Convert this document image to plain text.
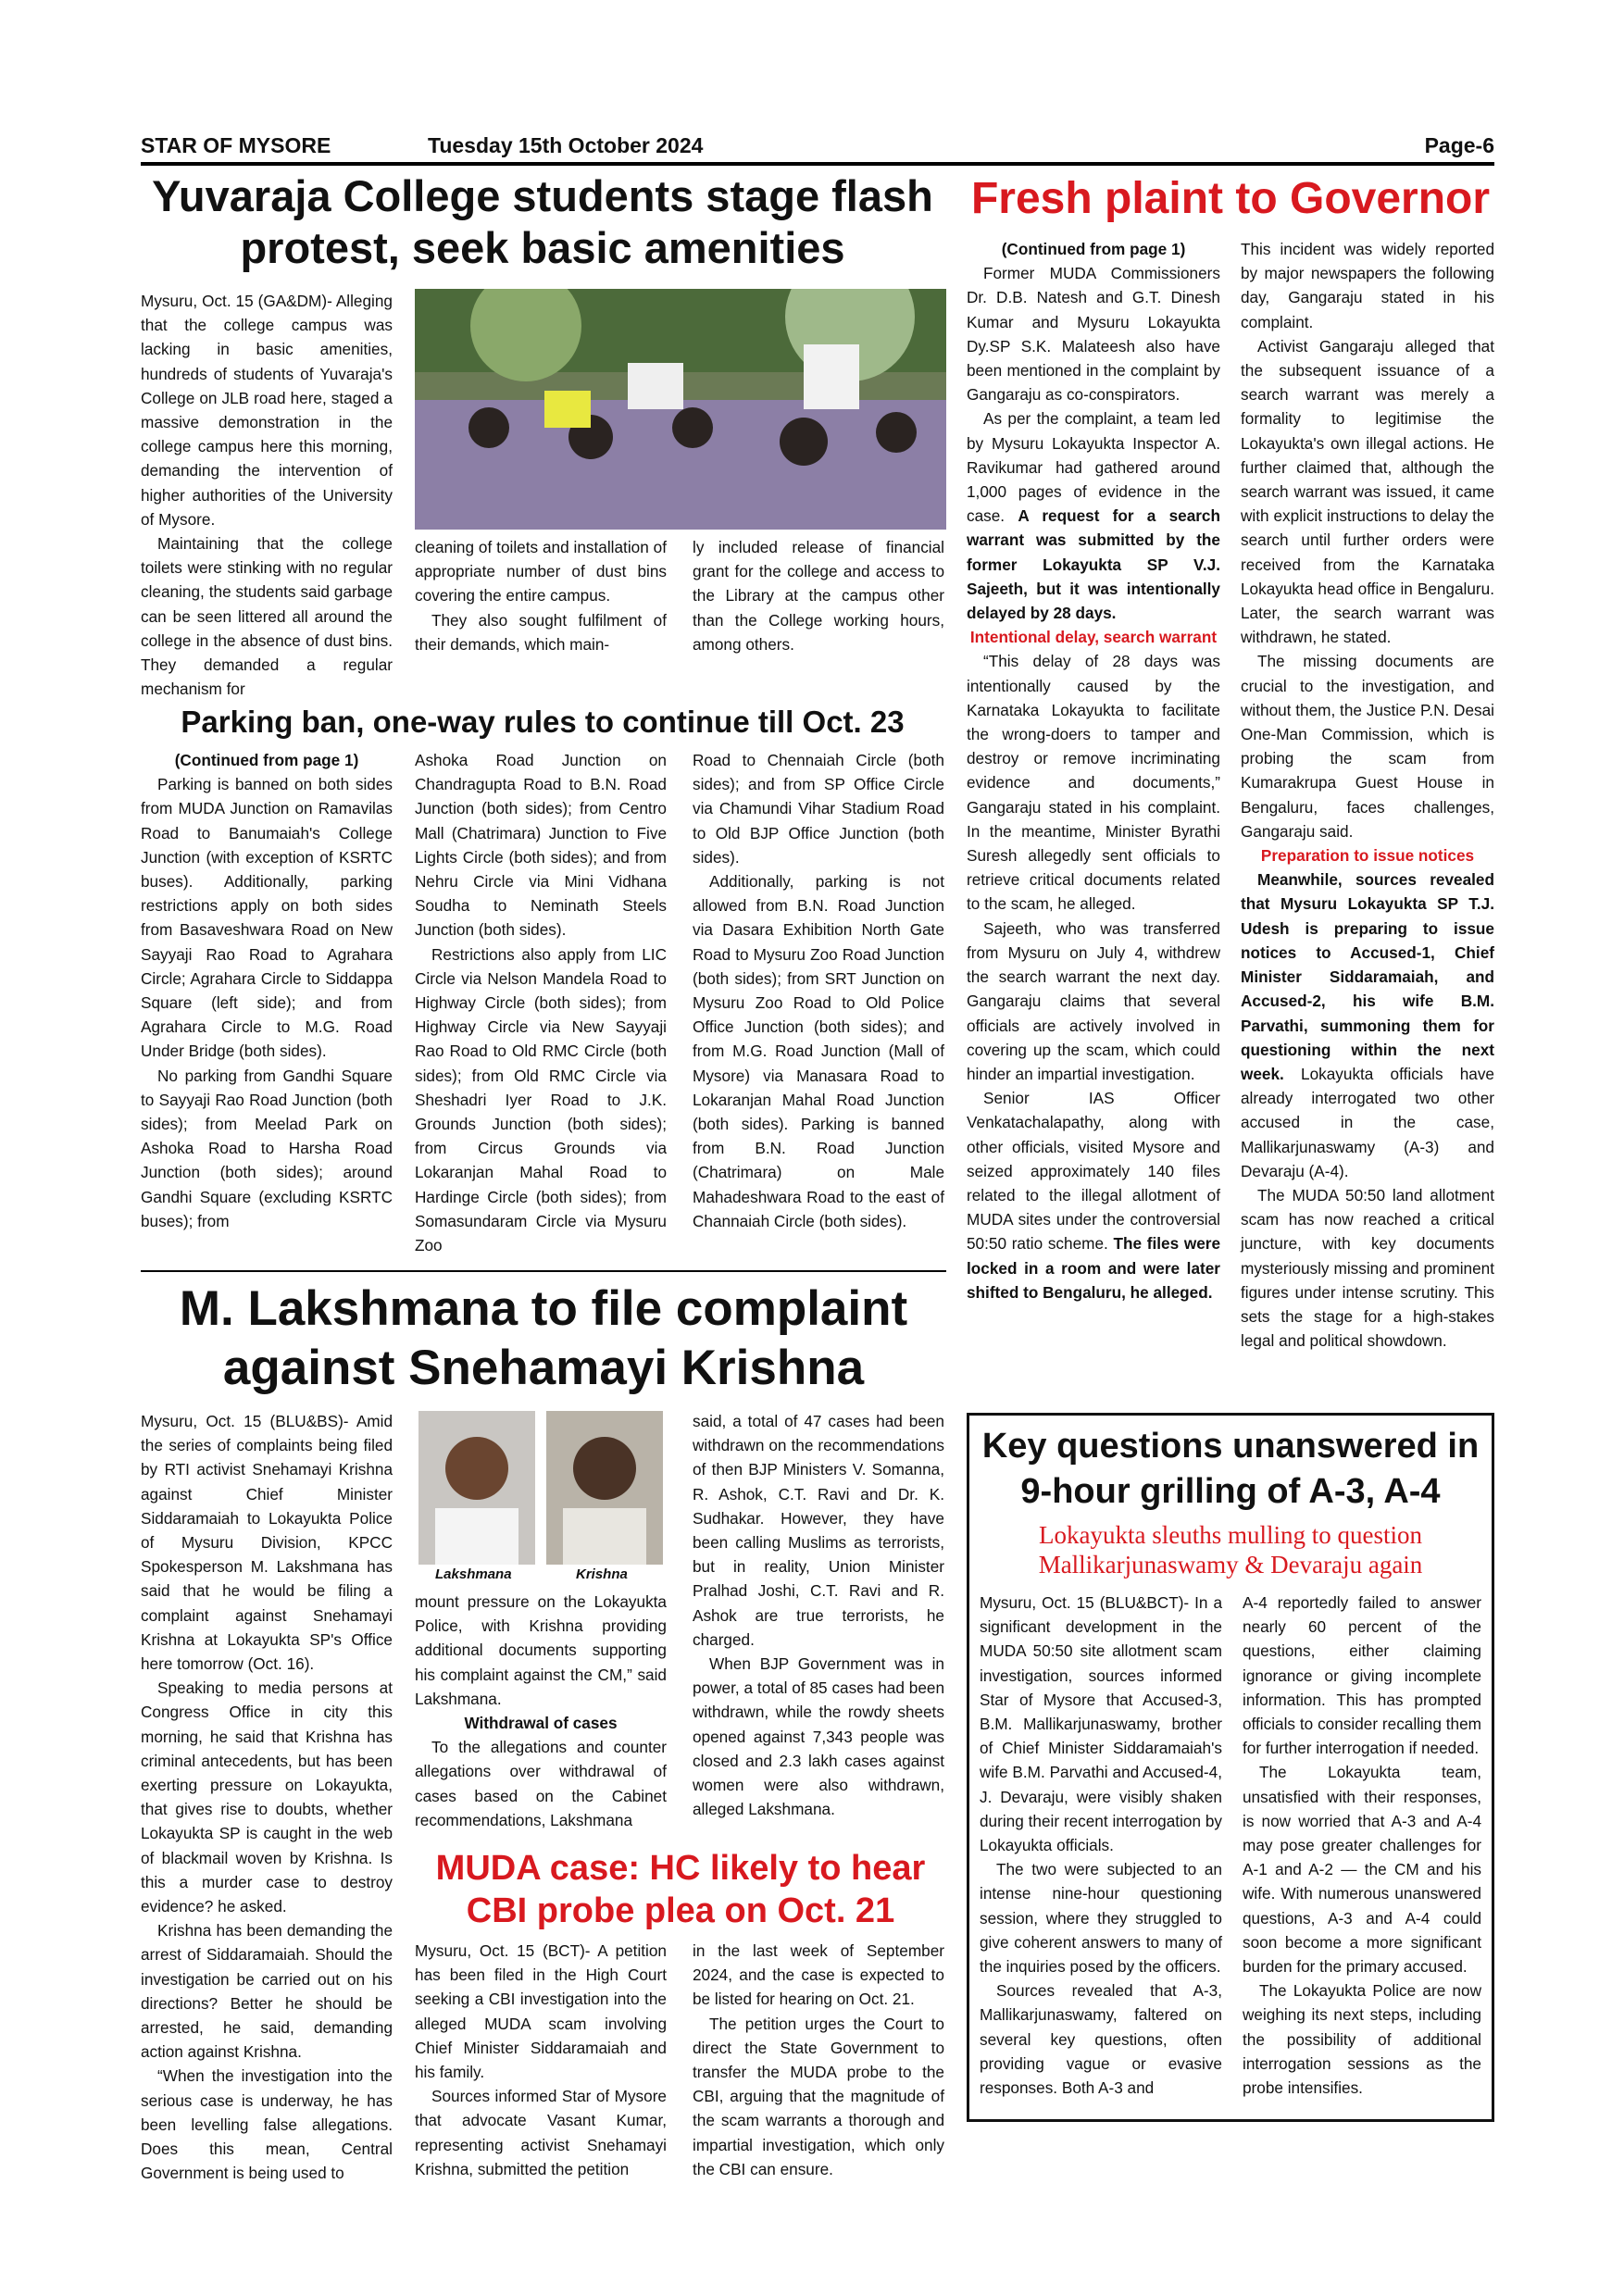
STAR OF MYSORE	Tuesday 15th October 2024	Page-6
Yuvaraja College students stage flash protest, seek basic amenities

Mysuru, Oct. 15 (GA&DM)- Alleging that the college campus was lacking in basic amenities, hundreds of students of Yuvaraja's College on JLB road here, staged a massive demonstration in the college campus here this morning, demanding the intervention of higher authorities of the University of Mysore.

Maintaining that the college toilets were stinking with no regular cleaning, the students said garbage can be seen littered all around the college in the absence of dust bins. They demanded a regular mechanism for

cleaning of toilets and installation of appropriate number of dust bins covering the entire campus.

They also sought fulfilment of their demands, which main-

ly included release of financial grant for the college and access to the Library at the campus other than the College working hours, among others.

Parking ban, one-way rules to continue till Oct. 23
(Continued from page 1)

Parking is banned on both sides from MUDA Junction on Ramavilas Road to Banumaiah's College Junction (with exception of KSRTC buses). Additionally, parking restrictions apply on both sides from Basaveshwara Road on New Sayyaji Rao Road to Agrahara Circle; Agrahara Circle to Siddappa Square (left side); and from Agrahara Circle to M.G. Road Under Bridge (both sides).

No parking from Gandhi Square to Sayyaji Rao Road Junction (both sides); from Meelad Park on Ashoka Road to Harsha Road Junction (both sides); around Gandhi Square (excluding KSRTC buses); from

Ashoka Road Junction on Chandragupta Road to B.N. Road Junction (both sides); from Centro Mall (Chatrimara) Junction to Five Lights Circle (both sides); and from Nehru Circle via Mini Vidhana Soudha to Neminath Steels Junction (both sides).

Restrictions also apply from LIC Circle via Nelson Mandela Road to Highway Circle (both sides); from Highway Circle via New Sayyaji Rao Road to Old RMC Circle (both sides); from Old RMC Circle via Sheshadri Iyer Road to J.K. Grounds Junction (both sides); from Circus Grounds via Lokaranjan Mahal Road to Hardinge Circle (both sides); from Somasundaram Circle via Mysuru Zoo

Road to Chennaiah Circle (both sides); and from SP Office Circle via Chamundi Vihar Stadium Road to Old BJP Office Junction (both sides).

Additionally, parking is not allowed from B.N. Road Junction via Dasara Exhibition North Gate Road to Mysuru Zoo Road Junction (both sides); from SRT Junction on Mysuru Zoo Road to Old Police Office Junction (both sides); and from M.G. Road Junction (Mall of Mysore) via Manasara Road to Lokaranjan Mahal Road Junction (both sides). Parking is banned from B.N. Road Junction (Chatrimara) on Male Mahadeshwara Road to the east of Channaiah Circle (both sides).

M. Lakshmana to file complaint against Snehamayi Krishna

Mysuru, Oct. 15 (BLU&BS)- Amid the series of complaints being filed by RTI activist Snehamayi Krishna against Chief Minister Siddaramaiah to Lokayukta Police of Mysuru Division, KPCC Spokesperson M. Lakshmana has said that he would be filing a complaint against Snehamayi Krishna at Lokayukta SP's Office here tomorrow (Oct. 16).

Speaking to media persons at Congress Office in city this morning, he said that Krishna has criminal antecedents, but has been exerting pressure on Lokayukta, that gives rise to doubts, whether Lokayukta SP is caught in the web of blackmail woven by Krishna. Is this a murder case to destroy evidence? he asked.

Krishna has been demanding the arrest of Siddaramaiah. Should the investigation be carried out on his directions? Better he should be arrested, he said, demanding action against Krishna.

“When the investigation into the serious case is underway, he has been levelling false allegations. Does this mean, Central Government is being used to

Lakshmana	Krishna

mount pressure on the Lokayukta Police, with Krishna providing additional documents supporting his complaint against the CM,” said Lakshmana.

Withdrawal of cases

To the allegations and counter allegations over withdrawal of cases based on the Cabinet recommendations, Lakshmana

said, a total of 47 cases had been withdrawn on the recommendations of then BJP Ministers V. Somanna, R. Ashok, C.T. Ravi and Dr. K. Sudhakar. However, they have been calling Muslims as terrorists, but in reality, Union Minister Pralhad Joshi, C.T. Ravi and R. Ashok are true terrorists, he charged.

When BJP Government was in power, a total of 85 cases had been withdrawn, while the rowdy sheets opened against 7,343 people was closed and 2.3 lakh cases against women were also withdrawn, alleged Lakshmana.

MUDA case: HC likely to hear CBI probe plea on Oct. 21

Mysuru, Oct. 15 (BCT)- A petition has been filed in the High Court seeking a CBI investigation into the alleged MUDA scam involving Chief Minister Siddaramaiah and his family.

Sources informed Star of Mysore that advocate Vasant Kumar, representing activist Snehamayi Krishna, submitted the petition

in the last week of September 2024, and the case is expected to be listed for hearing on Oct. 21.

The petition urges the Court to direct the State Government to transfer the MUDA probe to the CBI, arguing that the magnitude of the scam warrants a thorough and impartial investigation, which only the CBI can ensure.

Fresh plaint to Governor
(Continued from page 1)

Former MUDA Commissioners Dr. D.B. Natesh and G.T. Dinesh Kumar and Mysuru Lokayukta Dy.SP S.K. Malateesh also have been mentioned in the complaint by Gangaraju as co-conspirators.

As per the complaint, a team led by Mysuru Lokayukta Inspector A. Ravikumar had gathered around 1,000 pages of evidence in the case. A request for a search warrant was submitted by the former Lokayukta SP V.J. Sajeeth, but it was intentionally delayed by 28 days.

Intentional delay, search warrant

“This delay of 28 days was intentionally caused by the Karnataka Lokayukta to facilitate the wrong-doers to tamper and destroy or remove incriminating evidence and documents,” Gangaraju stated in his complaint. In the meantime, Minister Byrathi Suresh allegedly sent officials to retrieve critical documents related to the scam, he alleged.

Sajeeth, who was transferred from Mysuru on July 4, withdrew the search warrant the next day. Gangaraju claims that several officials are actively involved in covering up the scam, which could hinder an impartial investigation.

Senior IAS Officer Venkatachalapathy, along with other officials, visited Mysore and seized approximately 140 files related to the illegal allotment of MUDA sites under the controversial 50:50 ratio scheme. The files were locked in a room and were later shifted to Bengaluru, he alleged.

This incident was widely reported by major newspapers the following day, Gangaraju stated in his complaint.

Activist Gangaraju alleged that the subsequent issuance of a search warrant was merely a formality to legitimise the Lokayukta's own illegal actions. He further claimed that, although the search warrant was issued, it came with explicit instructions to delay the search until further orders were received from the Karnataka Lokayukta head office in Bengaluru. Later, the search warrant was withdrawn, he stated.

The missing documents are crucial to the investigation, and without them, the Justice P.N. Desai One-Man Commission, which is probing the scam from Kumarakrupa Guest House in Bengaluru, faces challenges, Gangaraju said.

Preparation to issue notices

Meanwhile, sources revealed that Mysuru Lokayukta SP T.J. Udesh is preparing to issue notices to Accused-1, Chief Minister Siddaramaiah, and Accused-2, his wife B.M. Parvathi, summoning them for questioning within the next week. Lokayukta officials have already interrogated two other accused in the case, Mallikarjunaswamy (A-3) and Devaraju (A-4).

The MUDA 50:50 land allotment scam has now reached a critical juncture, with key documents mysteriously missing and prominent figures under intense scrutiny. This sets the stage for a high-stakes legal and political showdown.

Key questions unanswered in 9-hour grilling of A-3, A-4
Lokayukta sleuths mulling to question Mallikarjunaswamy & Devaraju again

Mysuru, Oct. 15 (BLU&BCT)- In a significant development in the MUDA 50:50 site allotment scam investigation, sources informed Star of Mysore that Accused-3, B.M. Mallikarjunaswamy, brother of Chief Minister Siddaramaiah's wife B.M. Parvathi and Accused-4, J. Devaraju, were visibly shaken during their recent interrogation by Lokayukta officials.

The two were subjected to an intense nine-hour questioning session, where they struggled to give coherent answers to many of the inquiries posed by the officers.

Sources revealed that A-3, Mallikarjunaswamy, faltered on several key questions, often providing vague or evasive responses. Both A-3 and

A-4 reportedly failed to answer nearly 60 percent of the questions, either claiming ignorance or giving incomplete information. This has prompted officials to consider recalling them for further interrogation if needed.

The Lokayukta team, unsatisfied with their responses, is now worried that A-3 and A-4 may pose greater challenges for A-1 and A-2 — the CM and his wife. With numerous unanswered questions, A-3 and A-4 could soon become a more significant burden for the primary accused.

The Lokayukta Police are now weighing its next steps, including the possibility of additional interrogation sessions as the probe intensifies.
